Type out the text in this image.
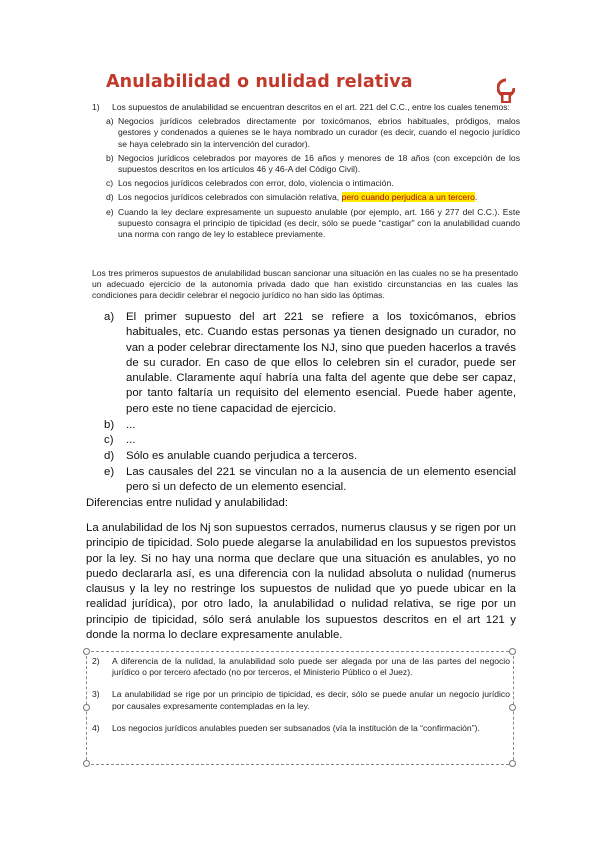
Anulabilidad o nulidad relativa
1)	Los supuestos de anulabilidad se encuentran descritos en el art. 221 del C.C., entre los cuales tenemos:
a) Negocios jurídicos celebrados directamente por toxicómanos, ebrios habituales, pródigos, malos gestores y condenados a quienes se le haya nombrado un curador (es decir, cuando el negocio jurídico se haya celebrado sin la intervención del curador).
b) Negocios jurídicos celebrados por mayores de 16 años y menores de 18 años (con excepción de los supuestos descritos en los artículos 46 y 46-A del Código Civil).
c) Los negocios jurídicos celebrados con error, dolo, violencia o intimación.
d) Los negocios jurídicos celebrados con simulación relativa, pero cuando perjudica a un tercero.
e) Cuando la ley declare expresamente un supuesto anulable (por ejemplo, art. 166 y 277 del C.C.). Este supuesto consagra el principio de tipicidad (es decir, sólo se puede “castigar” con la anulabilidad cuando una norma con rango de ley lo establece previamente.
Los tres primeros supuestos de anulabilidad buscan sancionar una situación en las cuales no se ha presentado un adecuado ejercicio de la autonomía privada dado que han existido circunstancias en las cuales las condiciones para decidir celebrar el negocio jurídico no han sido las óptimas.
a)	El primer supuesto del art 221 se refiere a los toxicómanos, ebrios habituales, etc. Cuando estas personas ya tienen designado un curador, no van a poder celebrar directamente los NJ, sino que pueden hacerlos a través de su curador. En caso de que ellos lo celebren sin el curador, puede ser anulable. Claramente aquí habría una falta del agente que debe ser capaz, por tanto faltaría un requisito del elemento esencial. Puede haber agente, pero este no tiene capacidad de ejercicio.
b)	...
c)	...
d)	Sólo es anulable cuando perjudica a terceros.
e)	Las causales del 221 se vinculan no a la ausencia de un elemento esencial pero si un defecto de un elemento esencial.
Diferencias entre nulidad y anulabilidad:
La anulabilidad de los Nj son supuestos cerrados, numerus clausus y se rigen por un principio de tipicidad. Solo puede alegarse la anulabilidad en los supuestos previstos por la ley. Si no hay una norma que declare que una situación es anulables, yo no puedo declararla así, es una diferencia con la nulidad absoluta o nulidad (numerus clausus y la ley no restringe los supuestos de nulidad que yo puede ubicar en la realidad jurídica), por otro lado, la anulabilidad o nulidad relativa, se rige por un principio de tipicidad, sólo será anulable los supuestos descritos en el art 121 y donde la norma lo declare expresamente anulable.
2)	A diferencia de la nulidad, la anulabilidad solo puede ser alegada por una de las partes del negocio jurídico o por tercero afectado (no por terceros, el Ministerio Público o el Juez).
3)	La anulabilidad se rige por un principio de tipicidad, es decir, sólo se puede anular un negocio jurídico por causales expresamente contempladas en la ley.
4)	Los negocios jurídicos anulables pueden ser subsanados (vía la institución de la “confirmación”).
